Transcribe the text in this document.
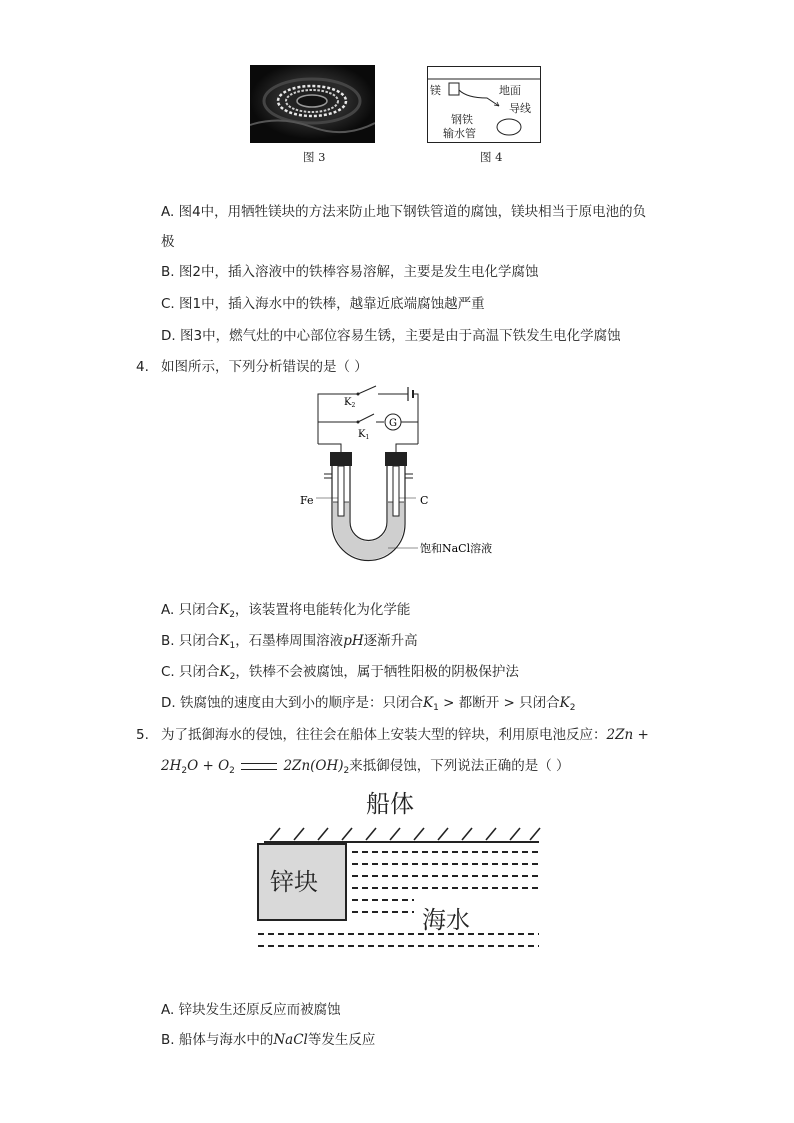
图 3
镁	地面
导线
钢铁
输水管
图 4
A. 图4中，用牺牲镁块的方法来防止地下钢铁管道的腐蚀，镁块相当于原电池的负
极
B. 图2中，插入溶液中的铁棒容易溶解，主要是发生电化学腐蚀
C. 图1中，插入海水中的铁棒，越靠近底端腐蚀越严重
D. 图3中，燃气灶的中心部位容易生锈，主要是由于高温下铁发生电化学腐蚀
4. 如图所示，下列分析错误的是（ ）
$K_2$
G
$K_1$
Fe	C
饱和NaCl溶液
A. 只闭合$K_2$，该装置将电能转化为化学能
B. 只闭合$K_1$，石墨棒周围溶液pH逐渐升高
C. 只闭合$K_2$，铁棒不会被腐蚀，属于牺牲阳极的阴极保护法
D. 铁腐蚀的速度由大到小的顺序是：只闭合$K_1$ > 都断开 > 只闭合$K_2$
5. 为了抵御海水的侵蚀，往往会在船体上安装大型的锌块，利用原电池反应：2Zn +
$2H_2O + O_2$	$2Zn(OH)_2$来抵御侵蚀，下列说法正确的是（ ）
船体
锌块
海水
A. 锌块发生还原反应而被腐蚀
B. 船体与海水中的NaCl等发生反应
